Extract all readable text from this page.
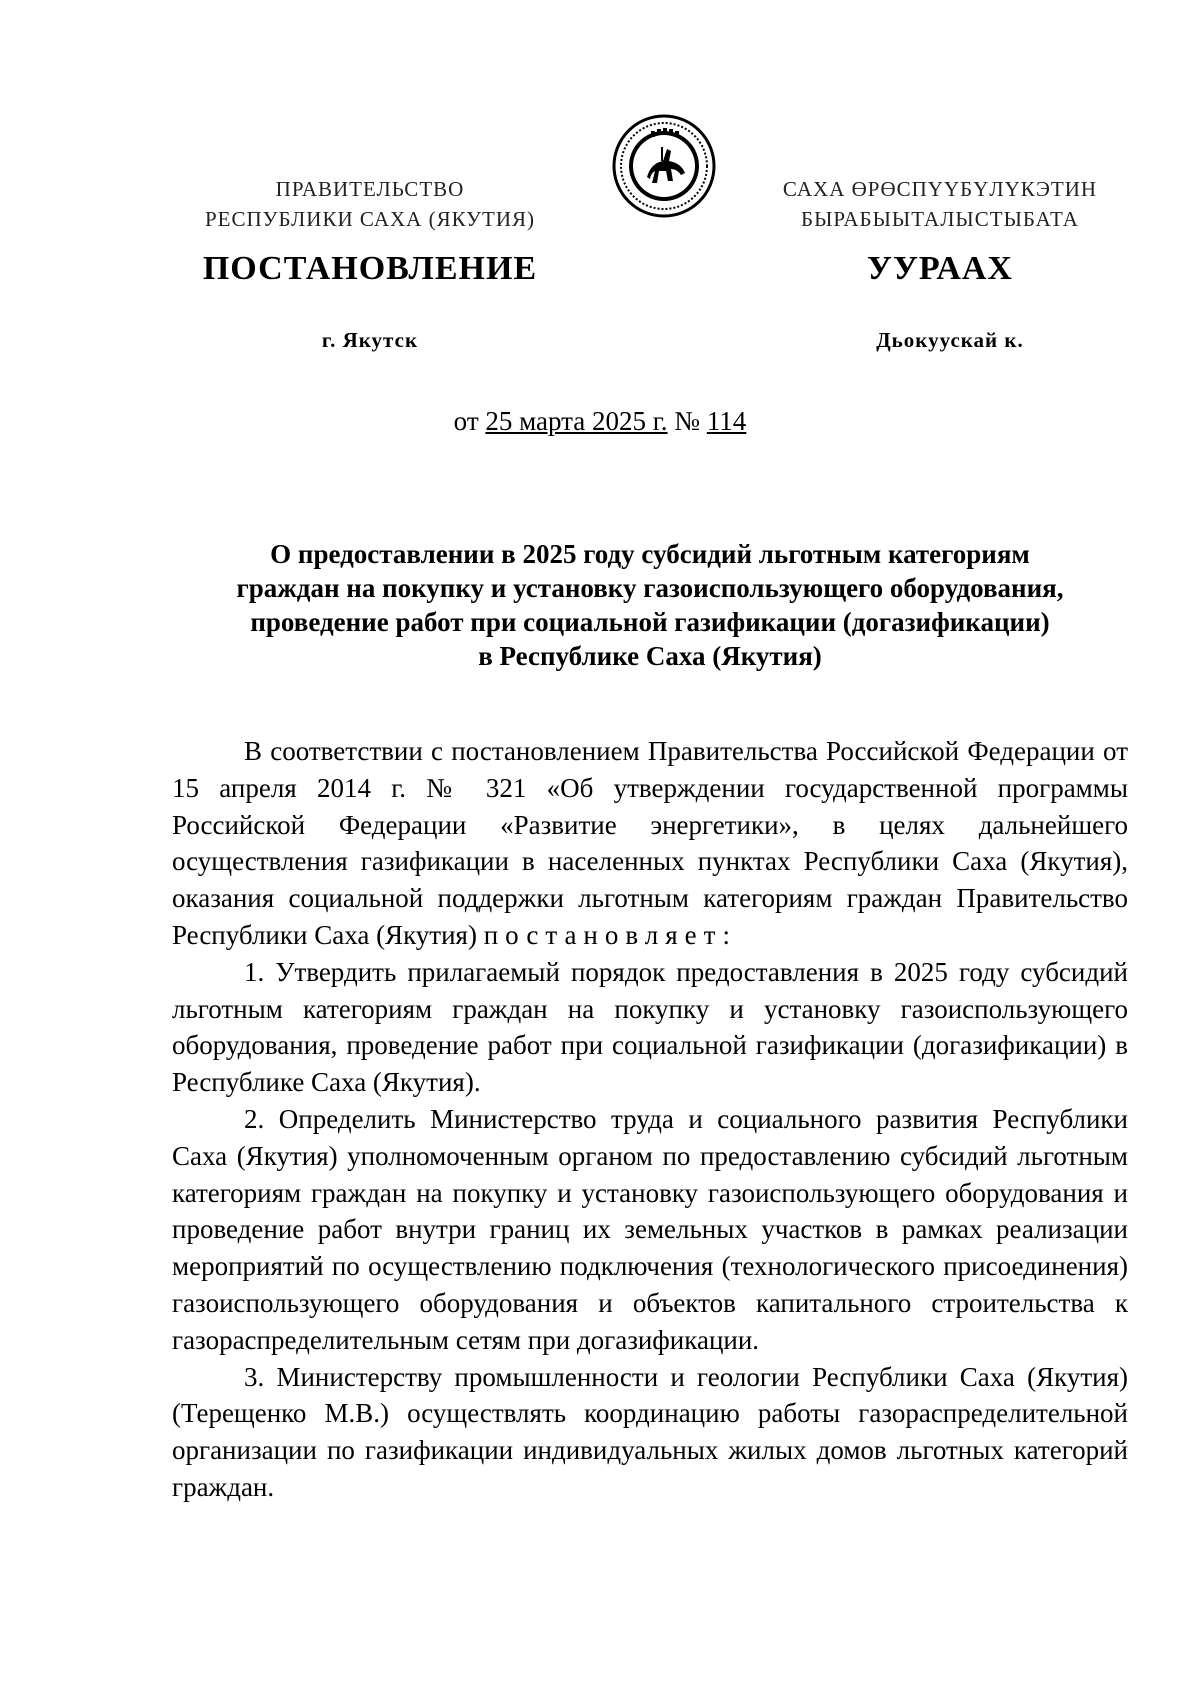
ПРАВИТЕЛЬСТВО
РЕСПУБЛИКИ САХА (ЯКУТИЯ)
САХА ӨРӨСПҮҮБҮЛҮКЭТИН
БЫРАБЫЫТАЛЫСТЫБАТА
ПОСТАНОВЛЕНИЕ	УУРААХ
г. Якутск	Дьокуускай к.
от 25 марта 2025 г. № 114
О предоставлении в 2025 году субсидий льготным категориям
граждан на покупку и установку газоиспользующего оборудования,
проведение работ при социальной газификации (догазификации)
в Республике Саха (Якутия)

В соответствии с постановлением Правительства Российской Федерации от 15 апреля 2014 г. № 321 «Об утверждении государственной программы Российской Федерации «Развитие энергетики», в целях дальнейшего осуществления газификации в населенных пунктах Республики Саха (Якутия), оказания социальной поддержки льготным категориям граждан Правительство Республики Саха (Якутия) постановляет:

1. Утвердить прилагаемый порядок предоставления в 2025 году субсидий льготным категориям граждан на покупку и установку газоиспользующего оборудования, проведение работ при социальной газификации (догазификации) в Республике Саха (Якутия).

2. Определить Министерство труда и социального развития Республики Саха (Якутия) уполномоченным органом по предоставлению субсидий льготным категориям граждан на покупку и установку газоиспользующего оборудования и проведение работ внутри границ их земельных участков в рамках реализации мероприятий по осуществлению подключения (технологического присоединения) газоиспользующего оборудования и объектов капитального строительства к газораспределительным сетям при догазификации.

3. Министерству промышленности и геологии Республики Саха (Якутия) (Терещенко М.В.) осуществлять координацию работы газораспределительной организации по газификации индивидуальных жилых домов льготных категорий граждан.
